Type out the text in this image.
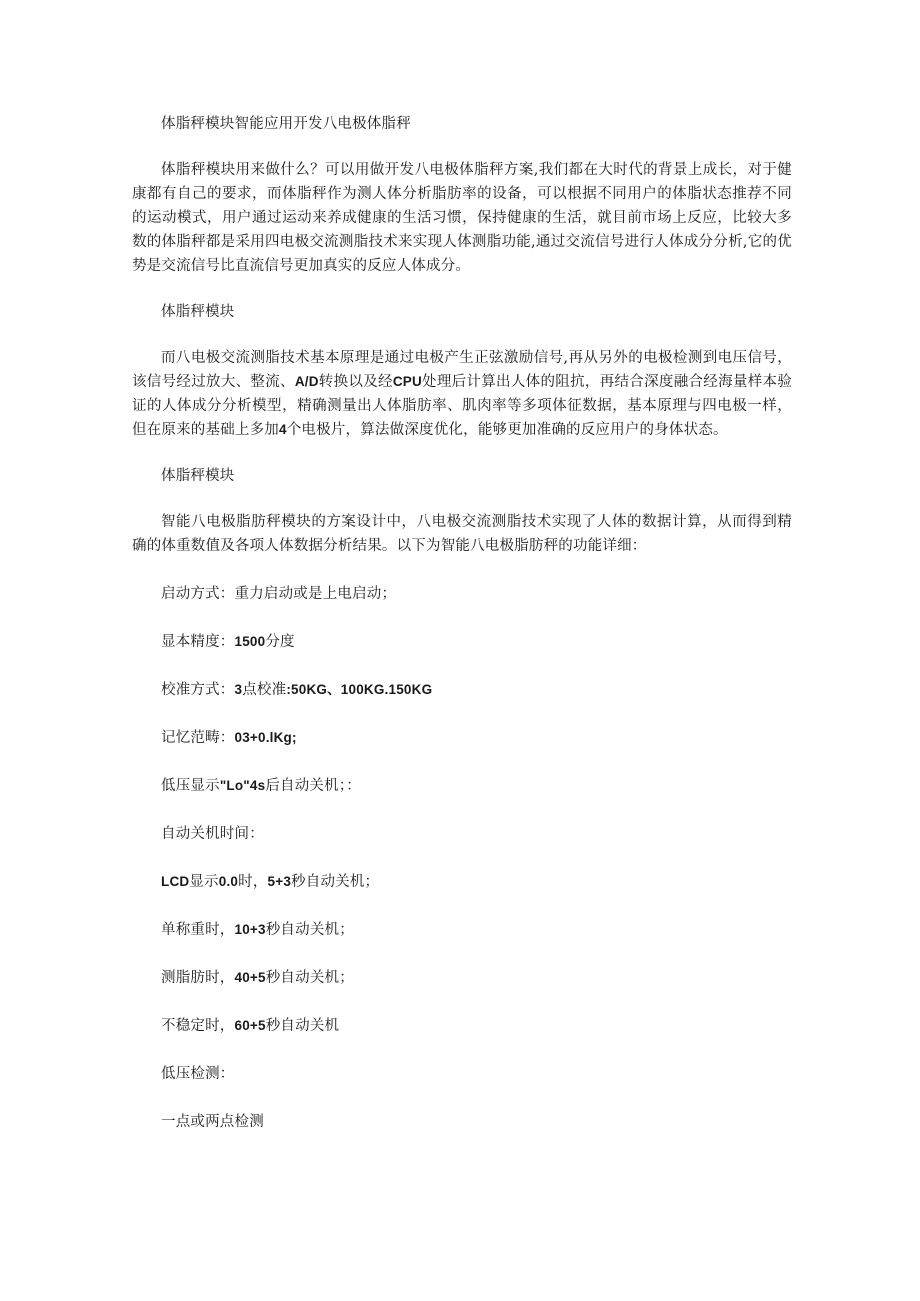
体脂秤模块智能应用开发八电极体脂秤

体脂秤模块用来做什么？可以用做开发八电极体脂秤方案,我们都在大时代的背景上成长，对于健康都有自己的要求，而体脂秤作为测人体分析脂肪率的设备，可以根据不同用户的体脂状态推荐不同的运动模式，用户通过运动来养成健康的生活习惯，保持健康的生活，就目前市场上反应，比较大多数的体脂秤都是采用四电极交流测脂技术来实现人体测脂功能,通过交流信号进行人体成分分析,它的优势是交流信号比直流信号更加真实的反应人体成分。

体脂秤模块

而八电极交流测脂技术基本原理是通过电极产生正弦激励信号,再从另外的电极检测到电压信号，该信号经过放大、整流、A/D转换以及经CPU处理后计算出人体的阻抗，再结合深度融合经海量样本验证的人体成分分析模型，精确测量出人体脂肪率、肌肉率等多项体征数据，基本原理与四电极一样，但在原来的基础上多加4个电极片，算法做深度优化，能够更加准确的反应用户的身体状态。

体脂秤模块

智能八电极脂肪秤模块的方案设计中，八电极交流测脂技术实现了人体的数据计算，从而得到精确的体重数值及各项人体数据分析结果。以下为智能八电极脂肪秤的功能详细：

启动方式：重力启动或是上电启动；

显本精度：1500分度

校准方式：3点校准:50KG、100KG.150KG

记忆范畴：03+0.lKg;

低压显示"Lo"4s后自动关机；：

自动关机时间：

LCD显示0.0时，5+3秒自动关机；

单称重时，10+3秒自动关机；

测脂肪时，40+5秒自动关机；

不稳定时，60+5秒自动关机

低压检测：

一点或两点检测
